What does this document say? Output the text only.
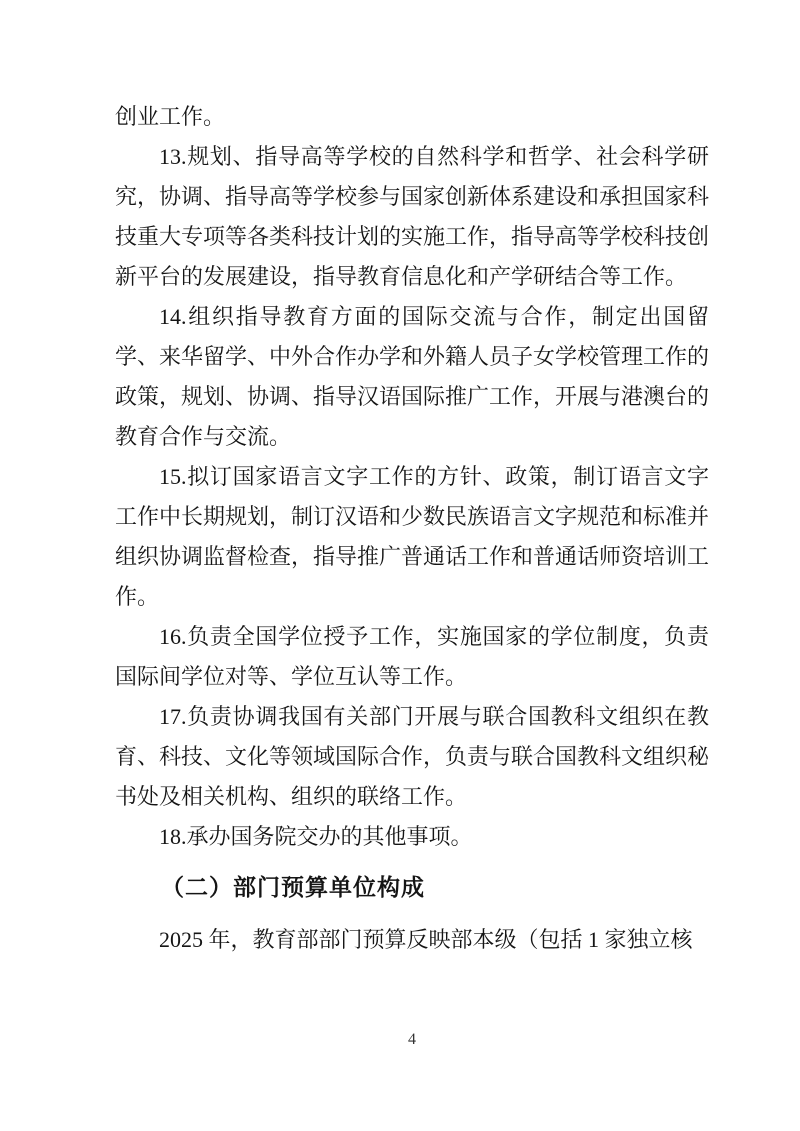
创业工作。

13.规划、指导高等学校的自然科学和哲学、社会科学研究，协调、指导高等学校参与国家创新体系建设和承担国家科技重大专项等各类科技计划的实施工作，指导高等学校科技创新平台的发展建设，指导教育信息化和产学研结合等工作。

14.组织指导教育方面的国际交流与合作，制定出国留学、来华留学、中外合作办学和外籍人员子女学校管理工作的政策，规划、协调、指导汉语国际推广工作，开展与港澳台的教育合作与交流。

15.拟订国家语言文字工作的方针、政策，制订语言文字工作中长期规划，制订汉语和少数民族语言文字规范和标准并组织协调监督检查，指导推广普通话工作和普通话师资培训工作。

16.负责全国学位授予工作，实施国家的学位制度，负责国际间学位对等、学位互认等工作。

17.负责协调我国有关部门开展与联合国教科文组织在教育、科技、文化等领域国际合作，负责与联合国教科文组织秘书处及相关机构、组织的联络工作。

18.承办国务院交办的其他事项。

（二）部门预算单位构成

2025 年，教育部部门预算反映部本级（包括 1 家独立核

4
